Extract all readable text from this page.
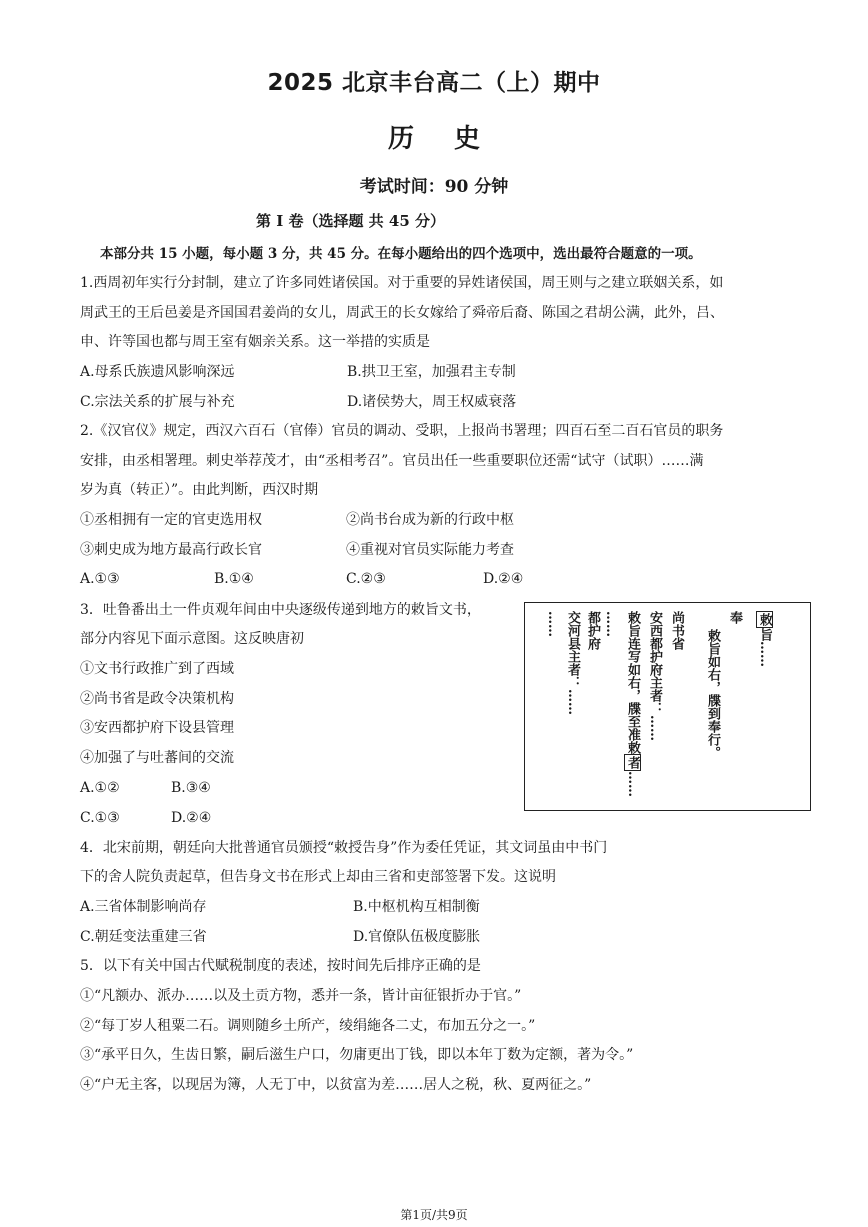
2025 北京丰台高二（上）期中
历史
考试时间：90 分钟
第 I 卷（选择题 共 45 分）
本部分共 15 小题，每小题 3 分，共 45 分。在每小题给出的四个选项中，选出最符合题意的一项。
1.西周初年实行分封制，建立了许多同姓诸侯国。对于重要的异姓诸侯国，周王则与之建立联姻关系，如
周武王的王后邑姜是齐国国君姜尚的女儿，周武王的长女嫁给了舜帝后裔、陈国之君胡公满，此外，吕、
申、许等国也都与周王室有姻亲关系。这一举措的实质是
A.母系氏族遗风影响深远	B.拱卫王室，加强君主专制
C.宗法关系的扩展与补充	D.诸侯势大，周王权威衰落
2.《汉官仪》规定，西汉六百石（官俸）官员的调动、受职，上报尚书署理；四百石至二百石官员的职务
安排，由丞相署理。刺史举荐茂才，由“丞相考召”。官员出任一些重要职位还需“试守（试职）……满
岁为真（转正）”。由此判断，西汉时期
①丞相拥有一定的官吏选用权	②尚书台成为新的行政中枢
③刺史成为地方最高行政长官	④重视对官员实际能力考查
A.①③	B.①④	C.②③	D.②④
3．吐鲁番出土一件贞观年间由中央逐级传递到地方的敕旨文书，
部分内容见下面示意图。这反映唐初
①文书行政推广到了西域
②尚书省是政令决策机构
③安西都护府下设县管理
④加强了与吐蕃间的交流
A.①②	B.③④
C.①③	D.②④
敕旨……
奉
敕旨如右，牒到奉行。
尚书省
安西都护府主者：……
敕旨连写如右，牒至准敕者……
……
都护府
交河县主者：……
……
4．北宋前期，朝廷向大批普通官员颁授“敕授告身”作为委任凭证，其文词虽由中书门
下的舍人院负责起草，但告身文书在形式上却由三省和吏部签署下发。这说明
A.三省体制影响尚存	B.中枢机构互相制衡
C.朝廷变法重建三省	D.官僚队伍极度膨胀
5．以下有关中国古代赋税制度的表述，按时间先后排序正确的是
①“凡额办、派办……以及土贡方物，悉并一条，皆计亩征银折办于官。”
②“每丁岁人租粟二石。调则随乡土所产，绫绢絁各二丈，布加五分之一。”
③“承平日久，生齿日繁，嗣后滋生户口，勿庸更出丁钱，即以本年丁数为定额，著为令。”
④“户无主客，以现居为簿，人无丁中，以贫富为差……居人之税，秋、夏两征之。”
第1页/共9页
